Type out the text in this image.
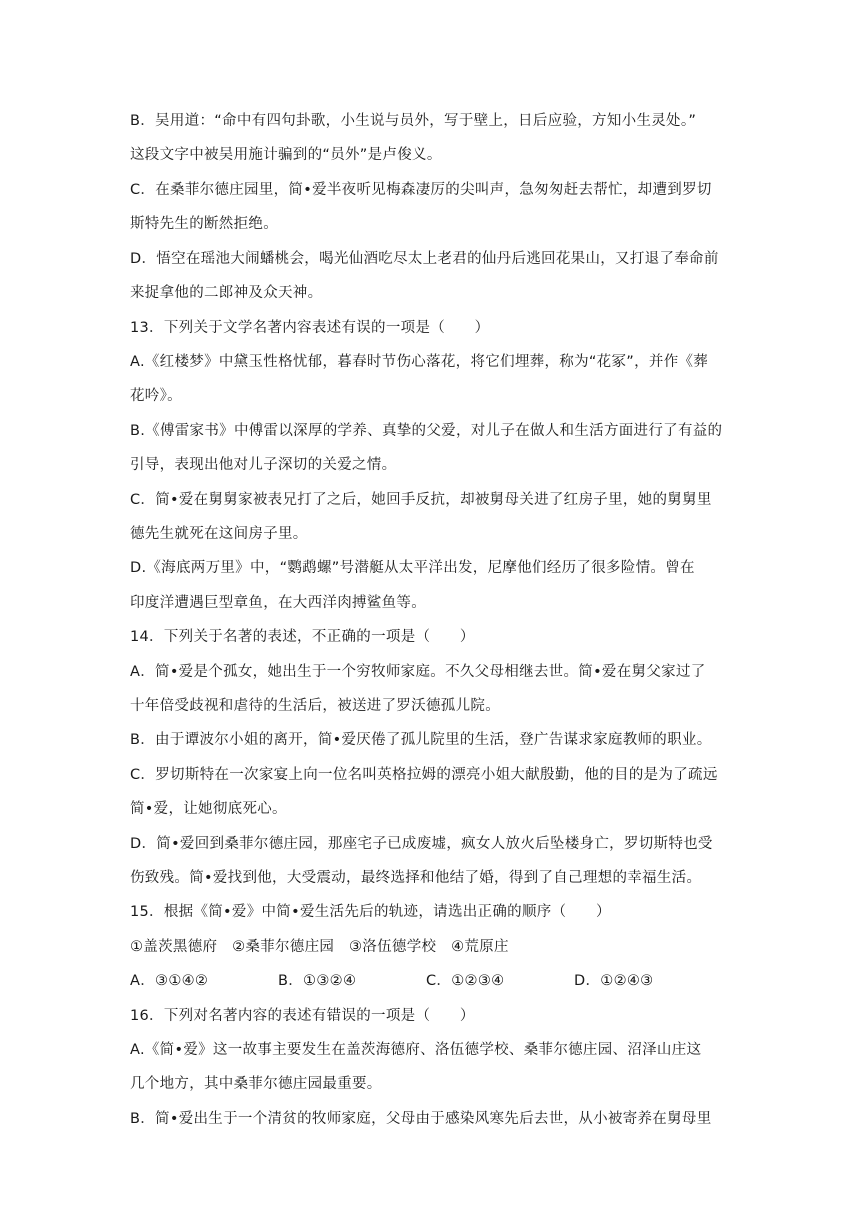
B．吴用道：“命中有四句卦歌，小生说与员外，写于壁上，日后应验，方知小生灵处。”
这段文字中被吴用施计骗到的“员外”是卢俊义。
C．在桑菲尔德庄园里，简•爱半夜听见梅森凄厉的尖叫声，急匆匆赶去帮忙，却遭到罗切
斯特先生的断然拒绝。
D．悟空在瑶池大闹蟠桃会，喝光仙酒吃尽太上老君的仙丹后逃回花果山，又打退了奉命前
来捉拿他的二郎神及众天神。
13．下列关于文学名著内容表述有误的一项是（　　）
A.《红楼梦》中黛玉性格忧郁，暮春时节伤心落花，将它们埋葬，称为“花冢”，并作《葬
花吟》。
B.《傅雷家书》中傅雷以深厚的学养、真挚的父爱，对儿子在做人和生活方面进行了有益的
引导，表现出他对儿子深切的关爱之情。
C．简•爱在舅舅家被表兄打了之后，她回手反抗，却被舅母关进了红房子里，她的舅舅里
德先生就死在这间房子里。
D.《海底两万里》中，“鹦鹉螺”号潜艇从太平洋出发，尼摩他们经历了很多险情。曾在
印度洋遭遇巨型章鱼，在大西洋肉搏鲨鱼等。
14．下列关于名著的表述，不正确的一项是（　　）
A．简•爱是个孤女，她出生于一个穷牧师家庭。不久父母相继去世。简•爱在舅父家过了
十年倍受歧视和虐待的生活后，被送进了罗沃德孤儿院。
B．由于谭波尔小姐的离开，简•爱厌倦了孤儿院里的生活，登广告谋求家庭教师的职业。
C．罗切斯特在一次家宴上向一位名叫英格拉姆的漂亮小姐大献殷勤，他的目的是为了疏远
简•爱，让她彻底死心。
D．简•爱回到桑菲尔德庄园，那座宅子已成废墟，疯女人放火后坠楼身亡，罗切斯特也受
伤致残。简•爱找到他，大受震动，最终选择和他结了婚，得到了自己理想的幸福生活。
15．根据《简•爱》中简•爱生活先后的轨迹，请选出正确的顺序（　　）
①盖茨黑德府　②桑菲尔德庄园　③洛伍德学校　④荒原庄
A．③①④②	B．①③②④	C．①②③④	D．①②④③
16．下列对名著内容的表述有错误的一项是（　　）
A.《简•爱》这一故事主要发生在盖茨海德府、洛伍德学校、桑菲尔德庄园、沼泽山庄这
几个地方，其中桑菲尔德庄园最重要。
B．简•爱出生于一个清贫的牧师家庭，父母由于感染风寒先后去世，从小被寄养在舅母里
